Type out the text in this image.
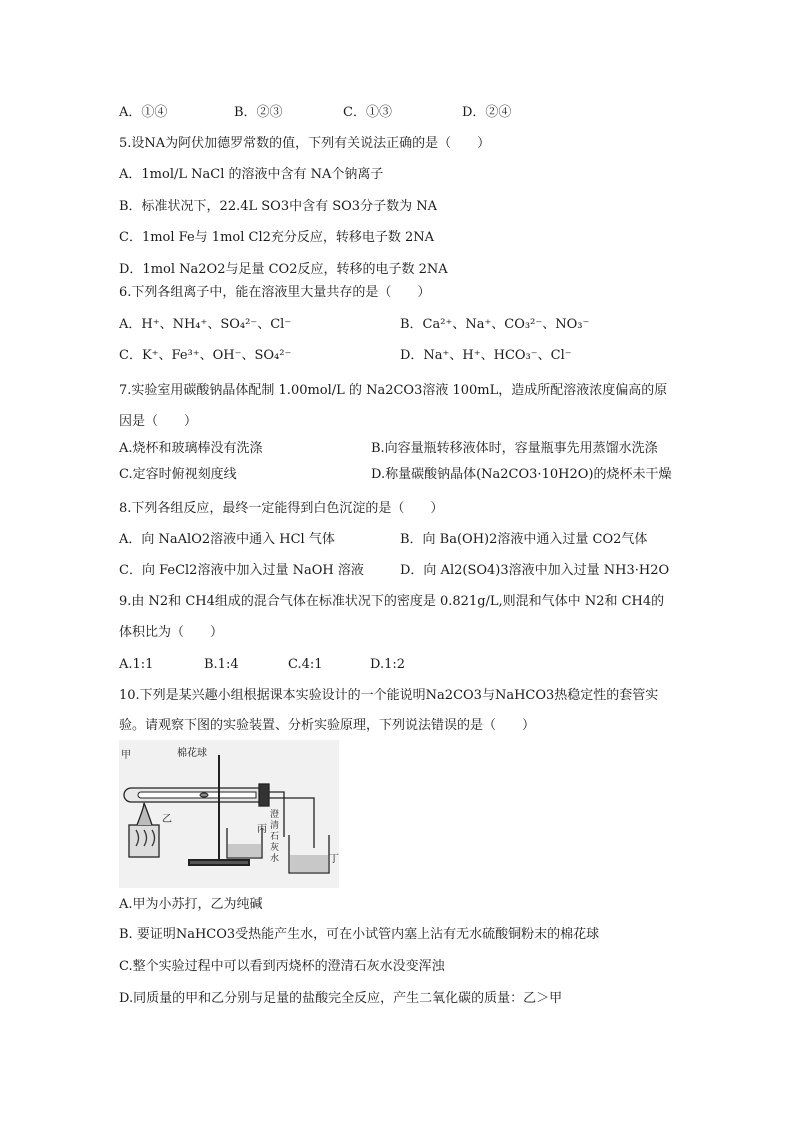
A．①④	B．②③	C．①③	D．②④
5.设NA为阿伏加德罗常数的值，下列有关说法正确的是（　　）
A．1mol/L NaCl 的溶液中含有 NA个钠离子
B．标准状况下，22.4L SO3中含有 SO3分子数为 NA
C．1mol Fe与 1mol Cl2充分反应，转移电子数 2NA
D．1mol Na2O2与足量 CO2反应，转移的电子数 2NA
6.下列各组离子中，能在溶液里大量共存的是（　　）
A．H⁺、NH₄⁺、SO₄²⁻、Cl⁻	B．Ca²⁺、Na⁺、CO₃²⁻、NO₃⁻
C．K⁺、Fe³⁺、OH⁻、SO₄²⁻	D．Na⁺、H⁺、HCO₃⁻、Cl⁻
7.实验室用碳酸钠晶体配制 1.00mol/L 的 Na2CO3溶液 100mL，造成所配溶液浓度偏高的原
因是（　　）
A.烧杯和玻璃棒没有洗涤	B.向容量瓶转移液体时，容量瓶事先用蒸馏水洗涤
C.定容时俯视刻度线	D.称量碳酸钠晶体(Na2CO3·10H2O)的烧杯未干燥
8.下列各组反应，最终一定能得到白色沉淀的是（　　）
A．向 NaAlO2溶液中通入 HCl 气体	B．向 Ba(OH)2溶液中通入过量 CO2气体
C．向 FeCl2溶液中加入过量 NaOH 溶液	D．向 Al2(SO4)3溶液中加入过量 NH3·H2O
9.由 N2和 CH4组成的混合气体在标准状况下的密度是 0.821g/L,则混和气体中 N2和 CH4的
体积比为（　　）
A.1:1	B.1:4	C.4:1	D.1:2
10.下列是某兴趣小组根据课本实验设计的一个能说明Na2CO3与NaHCO3热稳定性的套管实
验。请观察下图的实验装置、分析实验原理，下列说法错误的是（　　）
甲
乙
棉花球
丙
澄清石灰水	丁
A.甲为小苏打，乙为纯碱
B. 要证明NaHCO3受热能产生水，可在小试管内塞上沾有无水硫酸铜粉末的棉花球
C.整个实验过程中可以看到丙烧杯的澄清石灰水没变浑浊
D.同质量的甲和乙分别与足量的盐酸完全反应，产生二氧化碳的质量：乙＞甲
